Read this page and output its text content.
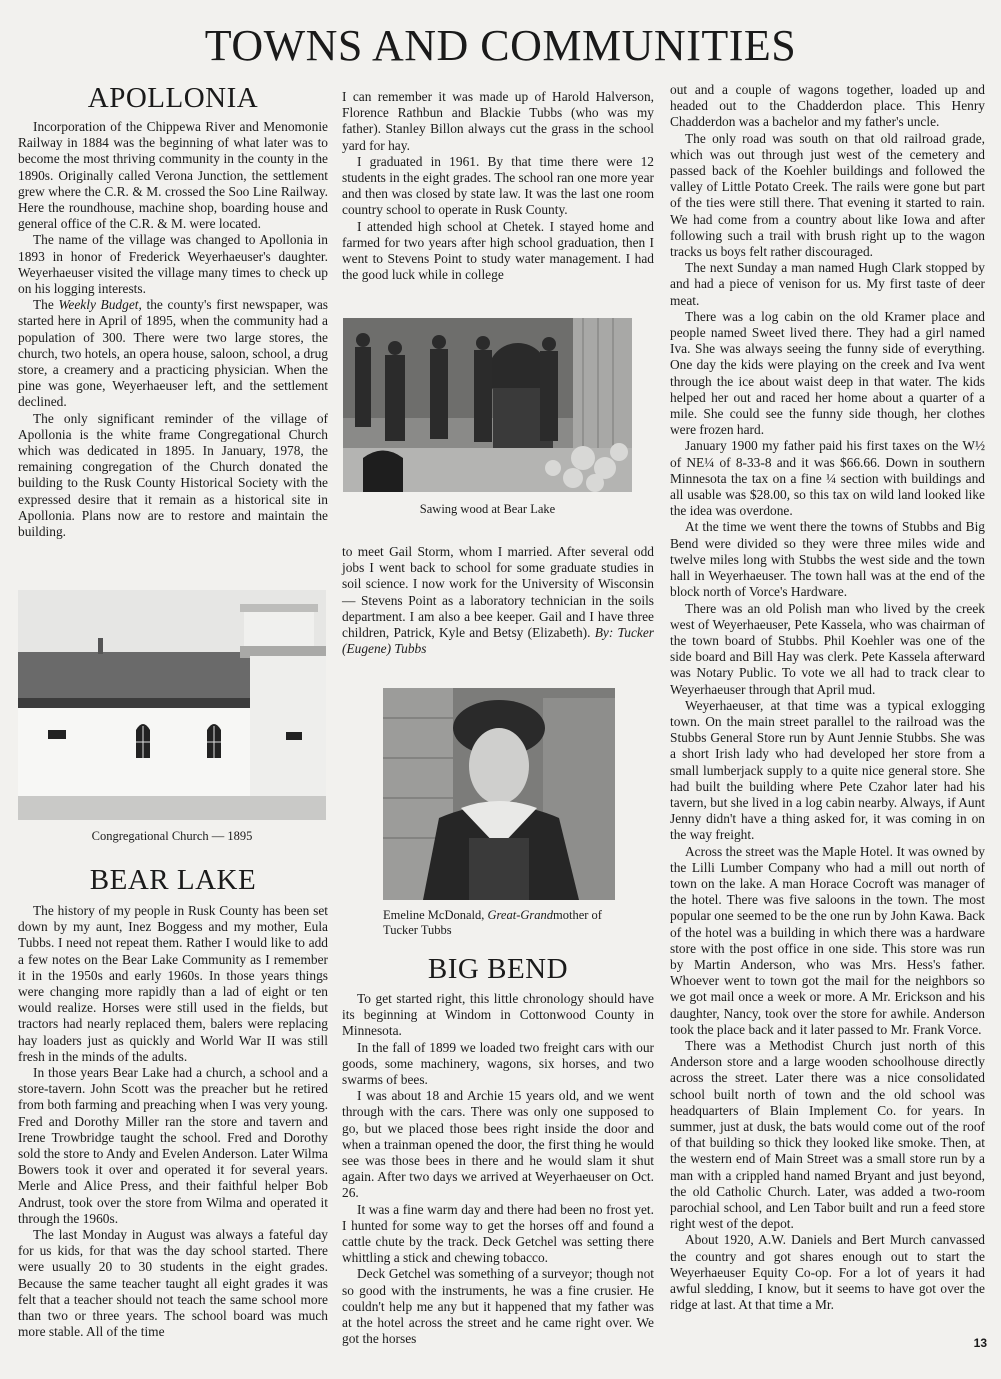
TOWNS AND COMMUNITIES
APOLLONIA

Incorporation of the Chippewa River and Menomonie Railway in 1884 was the beginning of what later was to become the most thriving community in the county in the 1890s. Originally called Verona Junction, the settlement grew where the C.R. & M. crossed the Soo Line Railway. Here the roundhouse, machine shop, boarding house and general office of the C.R. & M. were located.

The name of the village was changed to Apollonia in 1893 in honor of Frederick Weyerhaeuser's daughter. Weyerhaeuser visited the village many times to check up on his logging interests.

The Weekly Budget, the county's first newspaper, was started here in April of 1895, when the community had a population of 300. There were two large stores, the church, two hotels, an opera house, saloon, school, a drug store, a creamery and a practicing physician. When the pine was gone, Weyerhaeuser left, and the settlement declined.

The only significant reminder of the village of Apollonia is the white frame Congregational Church which was dedicated in 1895. In January, 1978, the remaining congregation of the Church donated the building to the Rusk County Historical Society with the expressed desire that it remain as a historical site in Apollonia. Plans now are to restore and maintain the building.

Congregational Church — 1895
BEAR LAKE

The history of my people in Rusk County has been set down by my aunt, Inez Boggess and my mother, Eula Tubbs. I need not repeat them. Rather I would like to add a few notes on the Bear Lake Community as I remember it in the 1950s and early 1960s. In those years things were changing more rapidly than a lad of eight or ten would realize. Horses were still used in the fields, but tractors had nearly replaced them, balers were replacing hay loaders just as quickly and World War II was still fresh in the minds of the adults.

In those years Bear Lake had a church, a school and a store-tavern. John Scott was the preacher but he retired from both farming and preaching when I was very young. Fred and Dorothy Miller ran the store and tavern and Irene Trowbridge taught the school. Fred and Dorothy sold the store to Andy and Evelen Anderson. Later Wilma Bowers took it over and operated it for several years. Merle and Alice Press, and their faithful helper Bob Andrust, took over the store from Wilma and operated it through the 1960s.

The last Monday in August was always a fateful day for us kids, for that was the day school started. There were usually 20 to 30 students in the eight grades. Because the same teacher taught all eight grades it was felt that a teacher should not teach the same school more than two or three years. The school board was much more stable. All of the time

I can remember it was made up of Harold Halverson, Florence Rathbun and Blackie Tubbs (who was my father). Stanley Billon always cut the grass in the school yard for hay.

I graduated in 1961. By that time there were 12 students in the eight grades. The school ran one more year and then was closed by state law. It was the last one room country school to operate in Rusk County.

I attended high school at Chetek. I stayed home and farmed for two years after high school graduation, then I went to Stevens Point to study water management. I had the good luck while in college

Sawing wood at Bear Lake

to meet Gail Storm, whom I married. After several odd jobs I went back to school for some graduate studies in soil science. I now work for the University of Wisconsin — Stevens Point as a laboratory technician in the soils department. I am also a bee keeper. Gail and I have three children, Patrick, Kyle and Betsy (Elizabeth). By: Tucker (Eugene) Tubbs

Emeline McDonald, Great-Grandmother of Tucker Tubbs
BIG BEND

To get started right, this little chronology should have its beginning at Windom in Cottonwood County in Minnesota.

In the fall of 1899 we loaded two freight cars with our goods, some machinery, wagons, six horses, and two swarms of bees.

I was about 18 and Archie 15 years old, and we went through with the cars. There was only one supposed to go, but we placed those bees right inside the door and when a trainman opened the door, the first thing he would see was those bees in there and he would slam it shut again. After two days we arrived at Weyerhaeuser on Oct. 26.

It was a fine warm day and there had been no frost yet. I hunted for some way to get the horses off and found a cattle chute by the track. Deck Getchel was setting there whittling a stick and chewing tobacco.

Deck Getchel was something of a surveyor; though not so good with the instruments, he was a fine crusier. He couldn't help me any but it happened that my father was at the hotel across the street and he came right over. We got the horses

out and a couple of wagons together, loaded up and headed out to the Chadderdon place. This Henry Chadderdon was a bachelor and my father's uncle.

The only road was south on that old railroad grade, which was out through just west of the cemetery and passed back of the Koehler buildings and followed the valley of Little Potato Creek. The rails were gone but part of the ties were still there. That evening it started to rain. We had come from a country about like Iowa and after following such a trail with brush right up to the wagon tracks us boys felt rather discouraged.

The next Sunday a man named Hugh Clark stopped by and had a piece of venison for us. My first taste of deer meat.

There was a log cabin on the old Kramer place and people named Sweet lived there. They had a girl named Iva. She was always seeing the funny side of everything. One day the kids were playing on the creek and Iva went through the ice about waist deep in that water. The kids helped her out and raced her home about a quarter of a mile. She could see the funny side though, her clothes were frozen hard.

January 1900 my father paid his first taxes on the W½ of NE¼ of 8-33-8 and it was $66.66. Down in southern Minnesota the tax on a fine ¼ section with buildings and all usable was $28.00, so this tax on wild land looked like the idea was overdone.

At the time we went there the towns of Stubbs and Big Bend were divided so they were three miles wide and twelve miles long with Stubbs the west side and the town hall in Weyerhaeuser. The town hall was at the end of the block north of Vorce's Hardware.

There was an old Polish man who lived by the creek west of Weyerhaeuser, Pete Kassela, who was chairman of the town board of Stubbs. Phil Koehler was one of the side board and Bill Hay was clerk. Pete Kassela afterward was Notary Public. To vote we all had to track clear to Weyerhaeuser through that April mud.

Weyerhaeuser, at that time was a typical exlogging town. On the main street parallel to the railroad was the Stubbs General Store run by Aunt Jennie Stubbs. She was a short Irish lady who had developed her store from a small lumberjack supply to a quite nice general store. She had built the building where Pete Czahor later had his tavern, but she lived in a log cabin nearby. Always, if Aunt Jenny didn't have a thing asked for, it was coming in on the way freight.

Across the street was the Maple Hotel. It was owned by the Lilli Lumber Company who had a mill out north of town on the lake. A man Horace Cocroft was manager of the hotel. There was five saloons in the town. The most popular one seemed to be the one run by John Kawa. Back of the hotel was a building in which there was a hardware store with the post office in one side. This store was run by Martin Anderson, who was Mrs. Hess's father. Whoever went to town got the mail for the neighbors so we got mail once a week or more. A Mr. Erickson and his daughter, Nancy, took over the store for awhile. Anderson took the place back and it later passed to Mr. Frank Vorce.

There was a Methodist Church just north of this Anderson store and a large wooden schoolhouse directly across the street. Later there was a nice consolidated school built north of town and the old school was headquarters of Blain Implement Co. for years. In summer, just at dusk, the bats would come out of the roof of that building so thick they looked like smoke. Then, at the western end of Main Street was a small store run by a man with a crippled hand named Bryant and just beyond, the old Catholic Church. Later, was added a two-room parochial school, and Len Tabor built and run a feed store right west of the depot.

About 1920, A.W. Daniels and Bert Murch canvassed the country and got shares enough out to start the Weyerhaeuser Equity Co-op. For a lot of years it had awful sledding, I know, but it seems to have got over the ridge at last. At that time a Mr.

13
